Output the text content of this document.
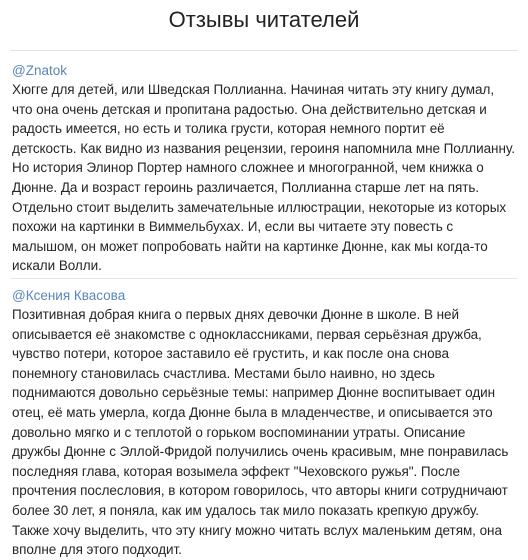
Отзывы читателей
@Znatok
Хюгге для детей, или Шведская Поллианна. Начиная читать эту книгу думал,
что она очень детская и пропитана радостью. Она действительно детская и
радость имеется, но есть и толика грусти, которая немного портит её
детскость. Как видно из названия рецензии, героиня напомнила мне Поллианну.
Но история Элинор Портер намного сложнее и многогранной, чем книжка о
Дюнне. Да и возраст героинь различается, Поллианна старше лет на пять.
Отдельно стоит выделить замечательные иллюстрации, некоторые из которых
похожи на картинки в Виммельбухах. И, если вы читаете эту повесть с
малышом, он может попробовать найти на картинке Дюнне, как мы когда-то
искали Волли.
@Ксения Квасова
Позитивная добрая книга о первых днях девочки Дюнне в школе. В ней
описывается её знакомстве с одноклассниками, первая серьёзная дружба,
чувство потери, которое заставило её грустить, и как после она снова
понемногу становилась счастлива. Местами было наивно, но здесь
поднимаются довольно серьёзные темы: например Дюнне воспитывает один
отец, её мать умерла, когда Дюнне была в младенчестве, и описывается это
довольно мягко и с теплотой о горьком воспоминании утраты. Описание
дружбы Дюнне с Эллой-Фридой получились очень красивым, мне понравилась
последняя глава, которая возымела эффект "Чеховского ружья". После
прочтения послесловия, в котором говорилось, что авторы книги сотрудничают
более 30 лет, я поняла, как им удалось так мило показать крепкую дружбу.
Также хочу выделить, что эту книгу можно читать вслух маленьким детям, она
вполне для этого подходит.
